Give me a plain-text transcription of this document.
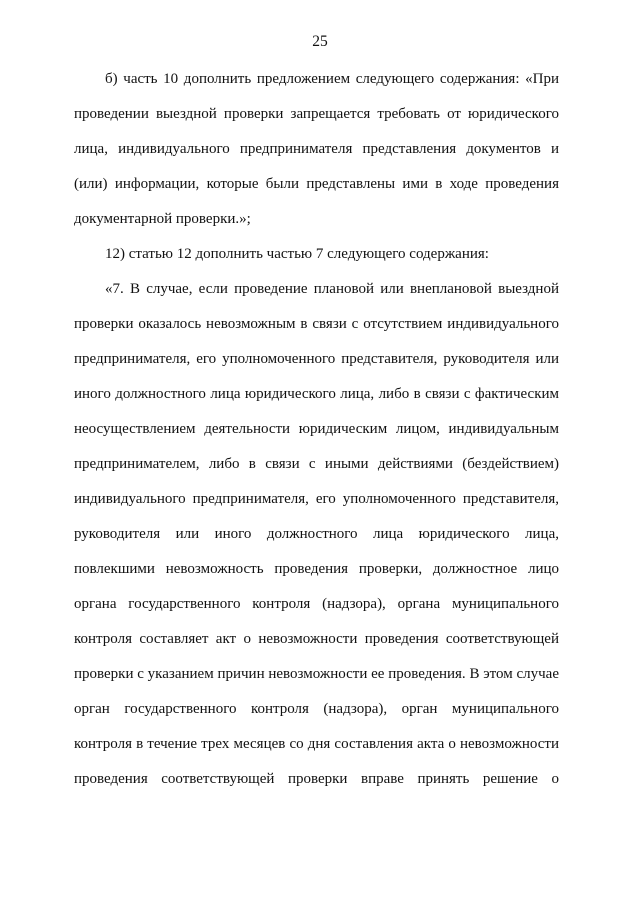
25
б) часть 10 дополнить предложением следующего содержания: «При
проведении выездной проверки запрещается требовать от юридического
лица, индивидуального предпринимателя представления документов и
(или) информации, которые были представлены ими в ходе проведения
документарной проверки.»;
12) статью 12 дополнить частью 7 следующего содержания:
«7. В случае, если проведение плановой или внеплановой выездной
проверки оказалось невозможным в связи с отсутствием индивидуального
предпринимателя, его уполномоченного представителя, руководителя или
иного должностного лица юридического лица, либо в связи с фактическим
неосуществлением деятельности юридическим лицом, индивидуальным
предпринимателем, либо в связи с иными действиями (бездействием)
индивидуального предпринимателя, его уполномоченного представителя,
руководителя или иного должностного лица юридического лица,
повлекшими невозможность проведения проверки, должностное лицо
органа государственного контроля (надзора), органа муниципального
контроля составляет акт о невозможности проведения соответствующей
проверки с указанием причин невозможности ее проведения. В этом случае
орган государственного контроля (надзора), орган муниципального
контроля в течение трех месяцев со дня составления акта о невозможности
проведения соответствующей проверки вправе принять решение о
